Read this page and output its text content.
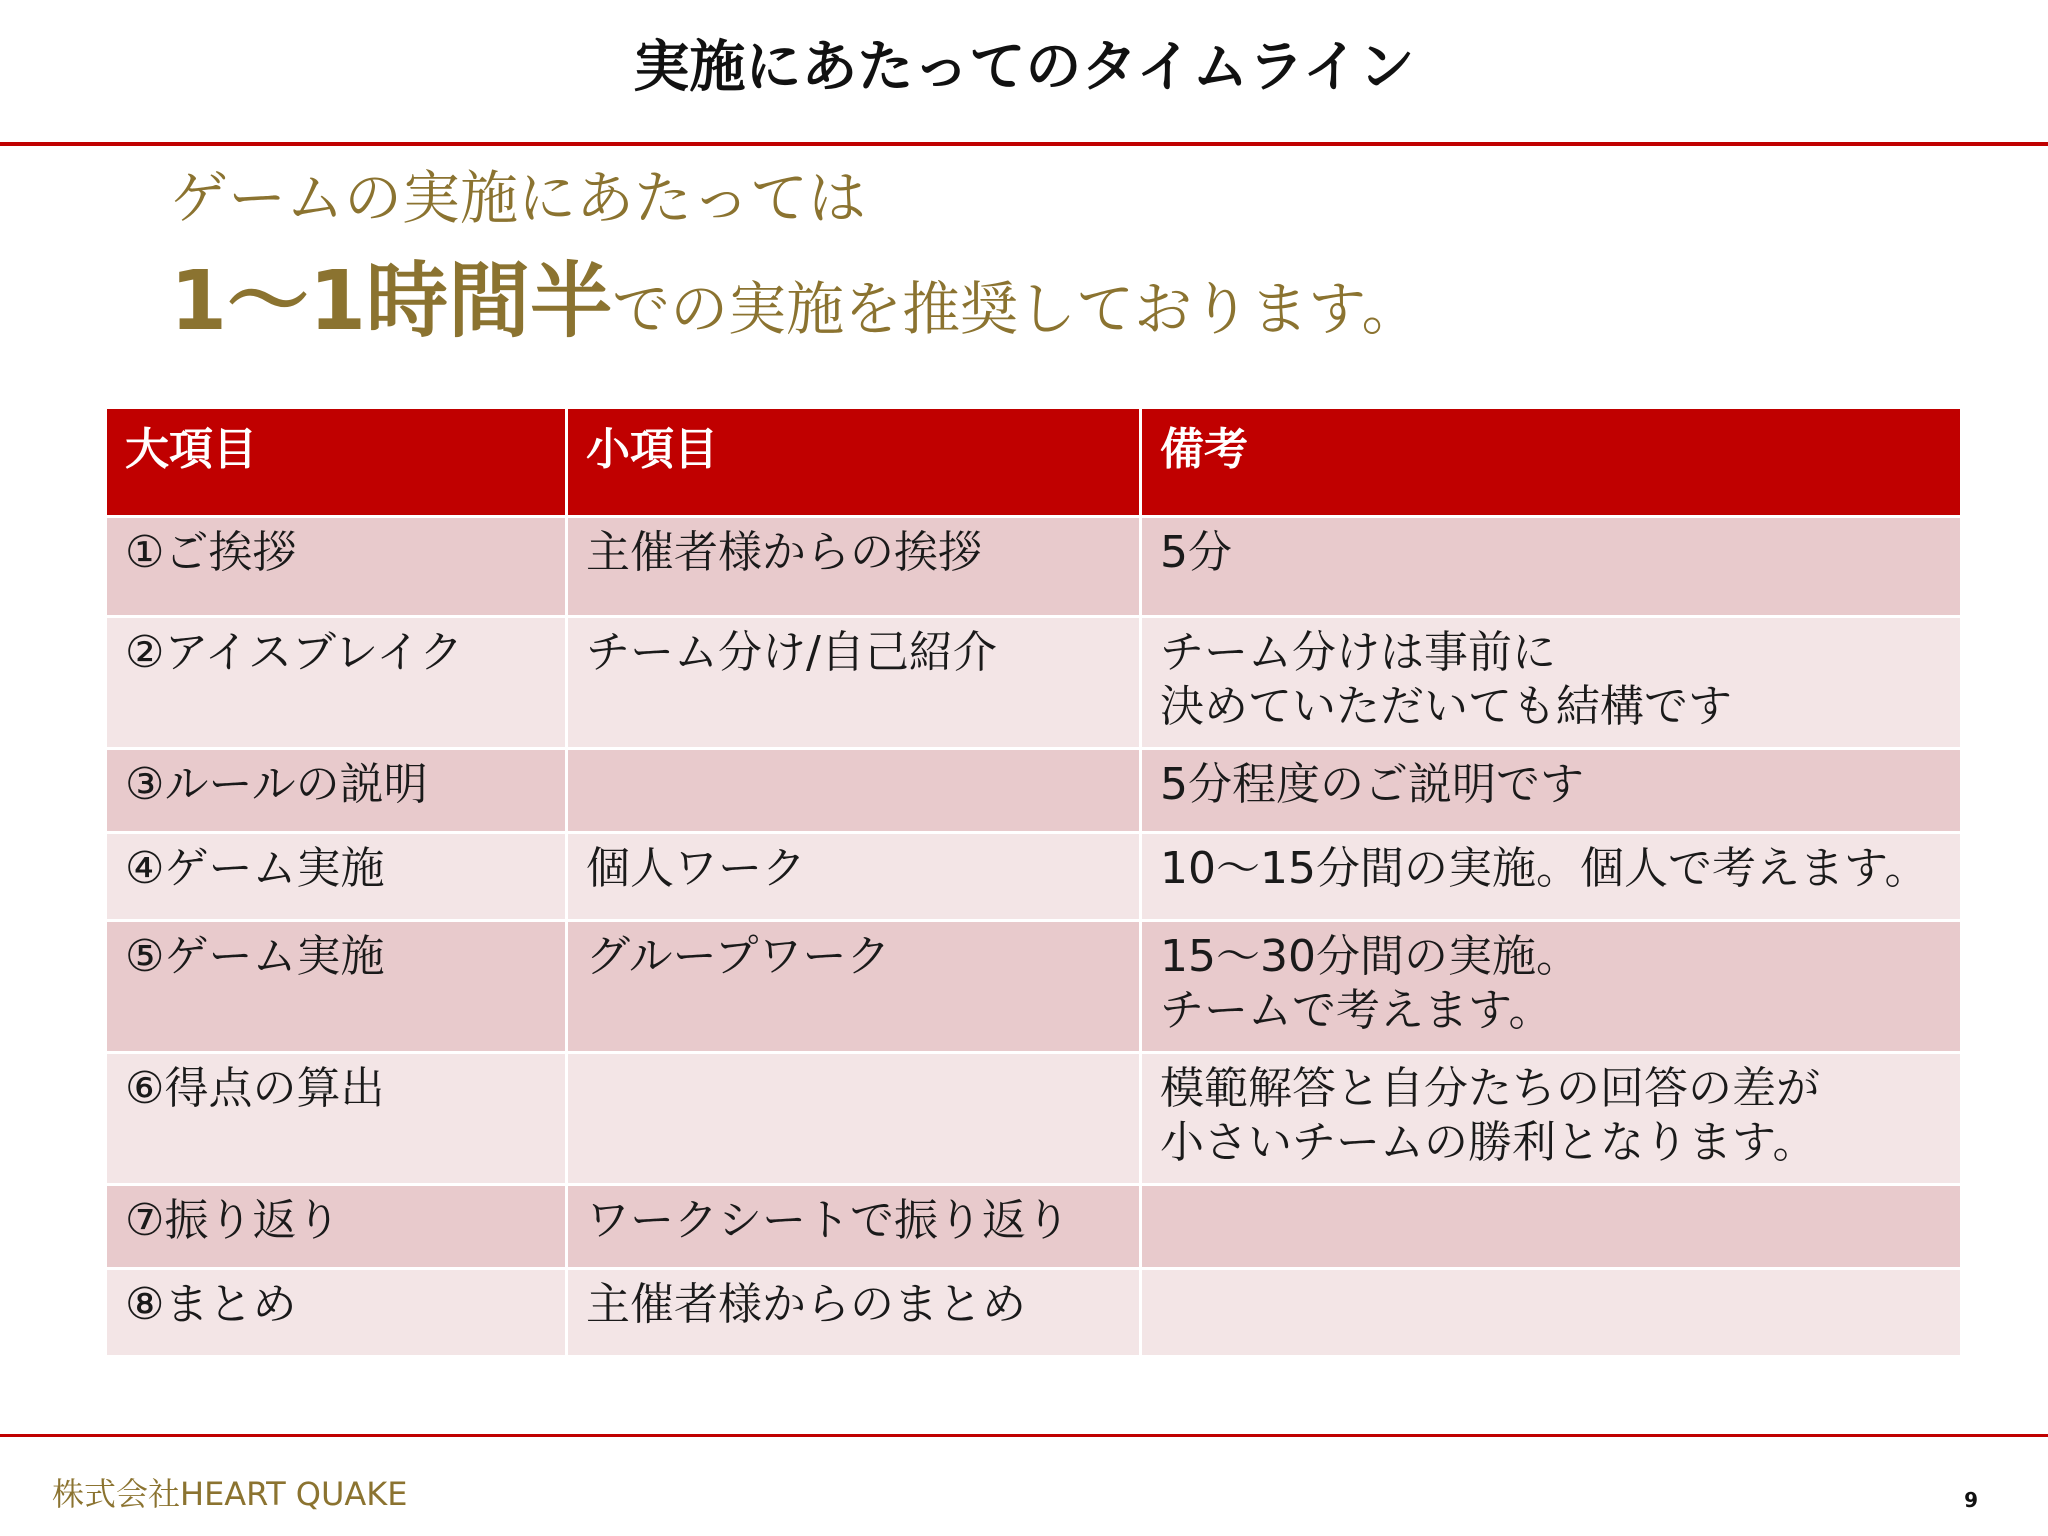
実施にあたってのタイムライン
ゲームの実施にあたっては
1～1時間半での実施を推奨しております。
大項目	小項目	備考
①ご挨拶	主催者様からの挨拶	5分

②アイスブレイク	チーム分け/自己紹介	チーム分けは事前に
決めていただいても結構です

③ルールの説明		5分程度のご説明です

④ゲーム実施	個人ワーク	10～15分間の実施。個人で考えます。

⑤ゲーム実施	グループワーク	15～30分間の実施。
チームで考えます。

⑥得点の算出		模範解答と自分たちの回答の差が
小さいチームの勝利となります。

⑦振り返り	ワークシートで振り返り	
⑧まとめ	主催者様からのまとめ	
株式会社HEART QUAKE	9
